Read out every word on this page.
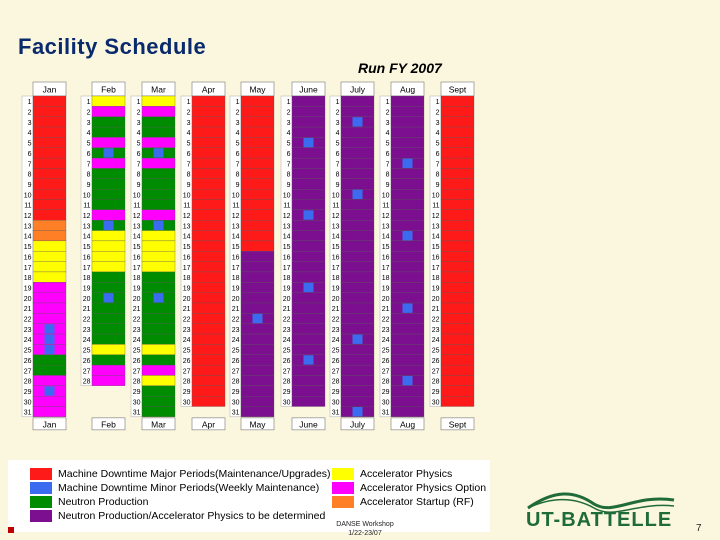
Facility Schedule
Run FY 2007
Jan
1
2
3
4
5
6
7
8
9
10
11
12
13
14
15
16
17
18
19
20
21
22
23
24
25
26
27
28
29
30
31
Jan
Feb
1
2
3
4
5
6
7
8
9
10
11
12
13
14
15
16
17
18
19
20
21
22
23
24
25
26
27
28
Feb
Mar
1
2
3
4
5
6
7
8
9
10
11
12
13
14
15
16
17
18
19
20
21
22
23
24
25
26
27
28
29
30
31
Mar
Apr
1
2
3
4
5
6
7
8
9
10
11
12
13
14
15
16
17
18
19
20
21
22
23
24
25
26
27
28
29
30
Apr
May
1
2
3
4
5
6
7
8
9
10
11
12
13
14
15
16
17
18
19
20
21
22
23
24
25
26
27
28
29
30
31
May
June
1
2
3
4
5
6
7
8
9
10
11
12
13
14
15
16
17
18
19
20
21
22
23
24
25
26
27
28
29
30
June
July
1
2
3
4
5
6
7
8
9
10
11
12
13
14
15
16
17
18
19
20
21
22
23
24
25
26
27
28
29
30
31
July
Aug
1
2
3
4
5
6
7
8
9
10
11
12
13
14
15
16
17
18
19
20
21
22
23
24
25
26
27
28
29
30
31
Aug
Sept
1
2
3
4
5
6
7
8
9
10
11
12
13
14
15
16
17
18
19
20
21
22
23
24
25
26
27
28
29
30
Sept
Machine Downtime Major Periods(Maintenance/Upgrades)
Machine Downtime Minor Periods(Weekly Maintenance)
Neutron Production
Neutron Production/Accelerator Physics to be determined
Accelerator Physics
Accelerator Physics Option
Accelerator Startup (RF)
DANSE Workshop
1/22-23/07
UT-BATTELLE 7
